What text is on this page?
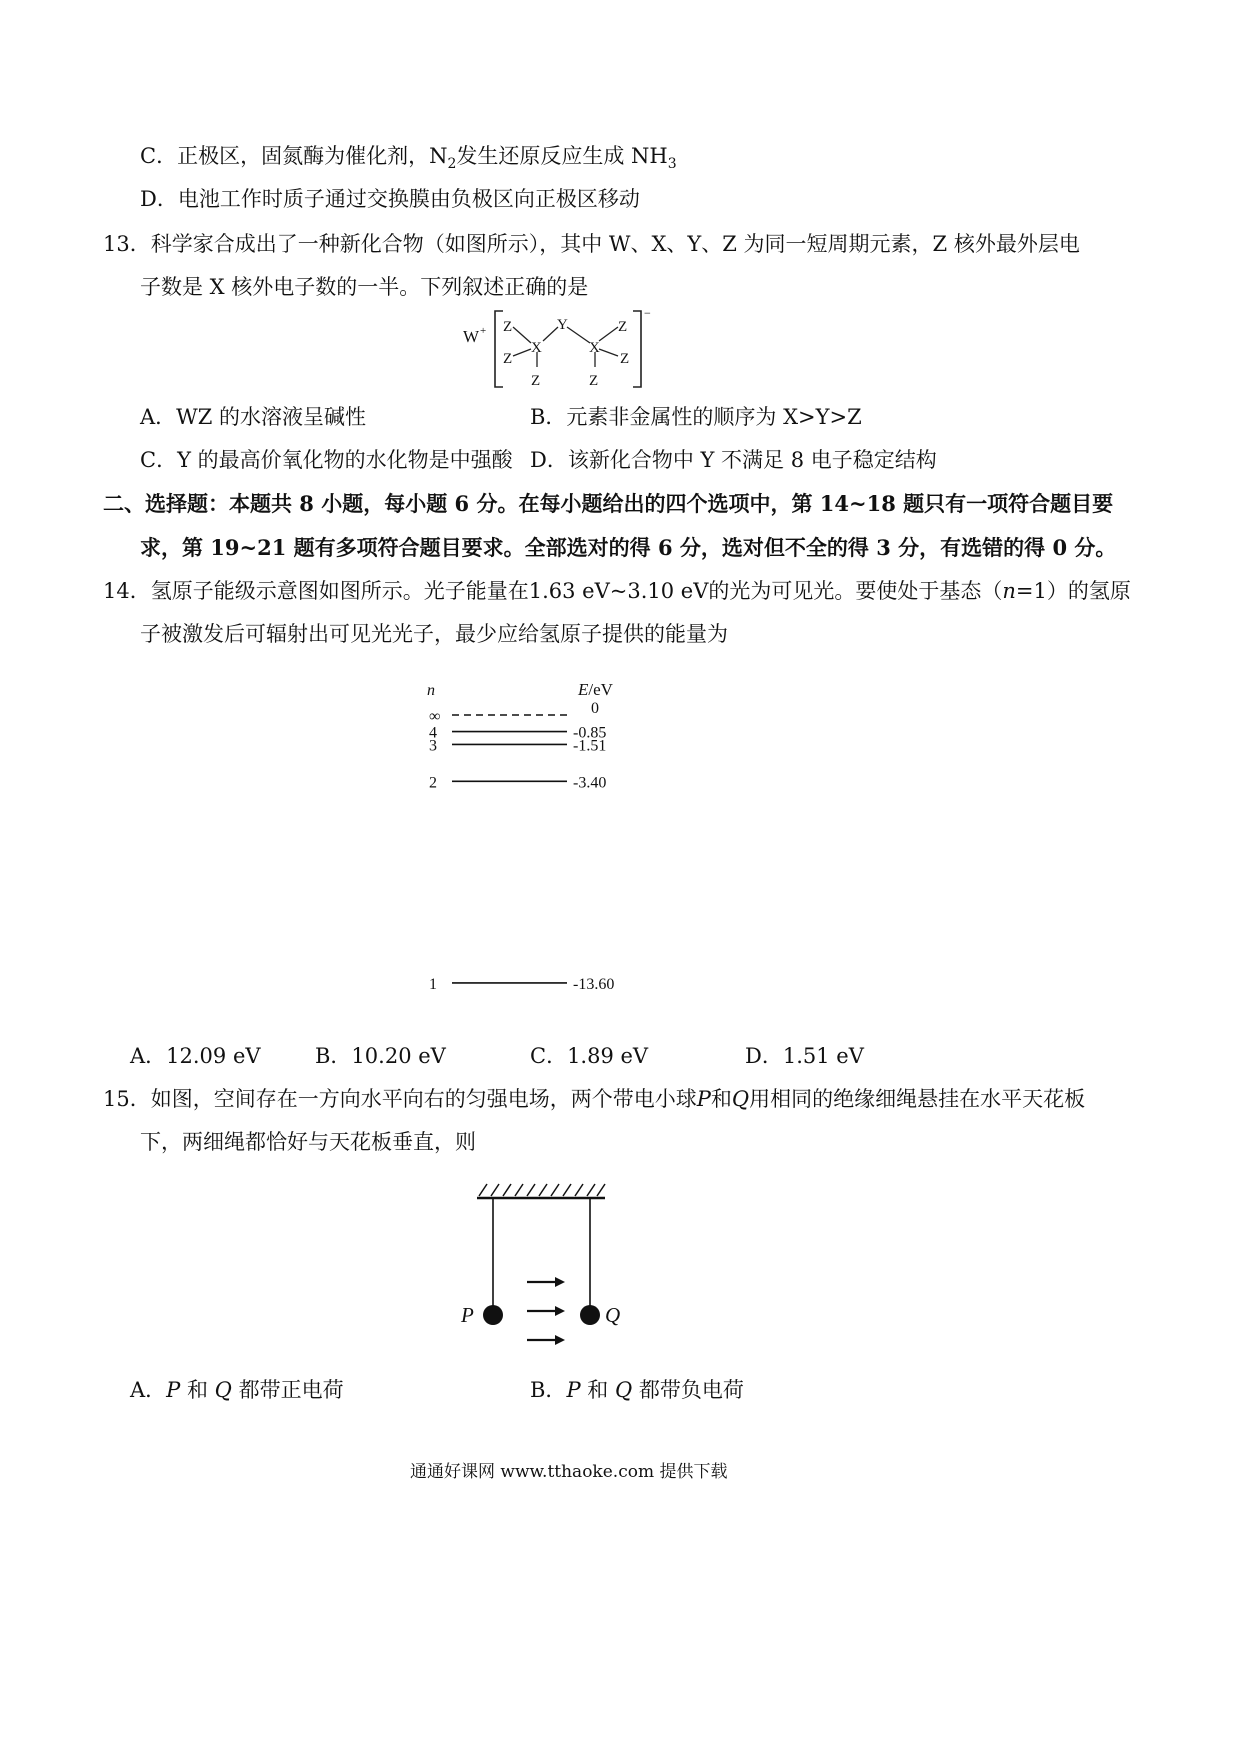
C．正极区，固氮酶为催化剂，$N_2$发生还原反应生成 $NH_3$
D．电池工作时质子通过交换膜由负极区向正极区移动
13．科学家合成出了一种新化合物（如图所示），其中 W、X、Y、Z 为同一短周期元素，Z 核外最外层电
子数是 X 核外电子数的一半。下列叙述正确的是
W +
−
Z
Z
X
Z
Y
X
Z
Z
Z
A．WZ 的水溶液呈碱性	B．元素非金属性的顺序为 X>Y>Z
C．Y 的最高价氧化物的水化物是中强酸 D．该新化合物中 Y 不满足 8 电子稳定结构
二、选择题：本题共 8 小题，每小题 6 分。在每小题给出的四个选项中，第 14~18 题只有一项符合题目要
求，第 19~21 题有多项符合题目要求。全部选对的得 6 分，选对但不全的得 3 分，有选错的得 0 分。
14．氢原子能级示意图如图所示。光子能量在1.63 eV~3.10 eV的光为可见光。要使处于基态（n=1）的氢原
子被激发后可辐射出可见光光子，最少应给氢原子提供的能量为
n	E/eV
∞	0
4	-0.85
3	-1.51
2	-3.40
1	-13.60
A．12.09 eV	B．10.20 eV	C．1.89 eV	D．1.51 eV
15．如图，空间存在一方向水平向右的匀强电场，两个带电小球P和Q用相同的绝缘细绳悬挂在水平天花板
下，两细绳都恰好与天花板垂直，则
P	Q
A．P 和 Q 都带正电荷	B．P 和 Q 都带负电荷
通通好课网 www.tthaoke.com 提供下载
